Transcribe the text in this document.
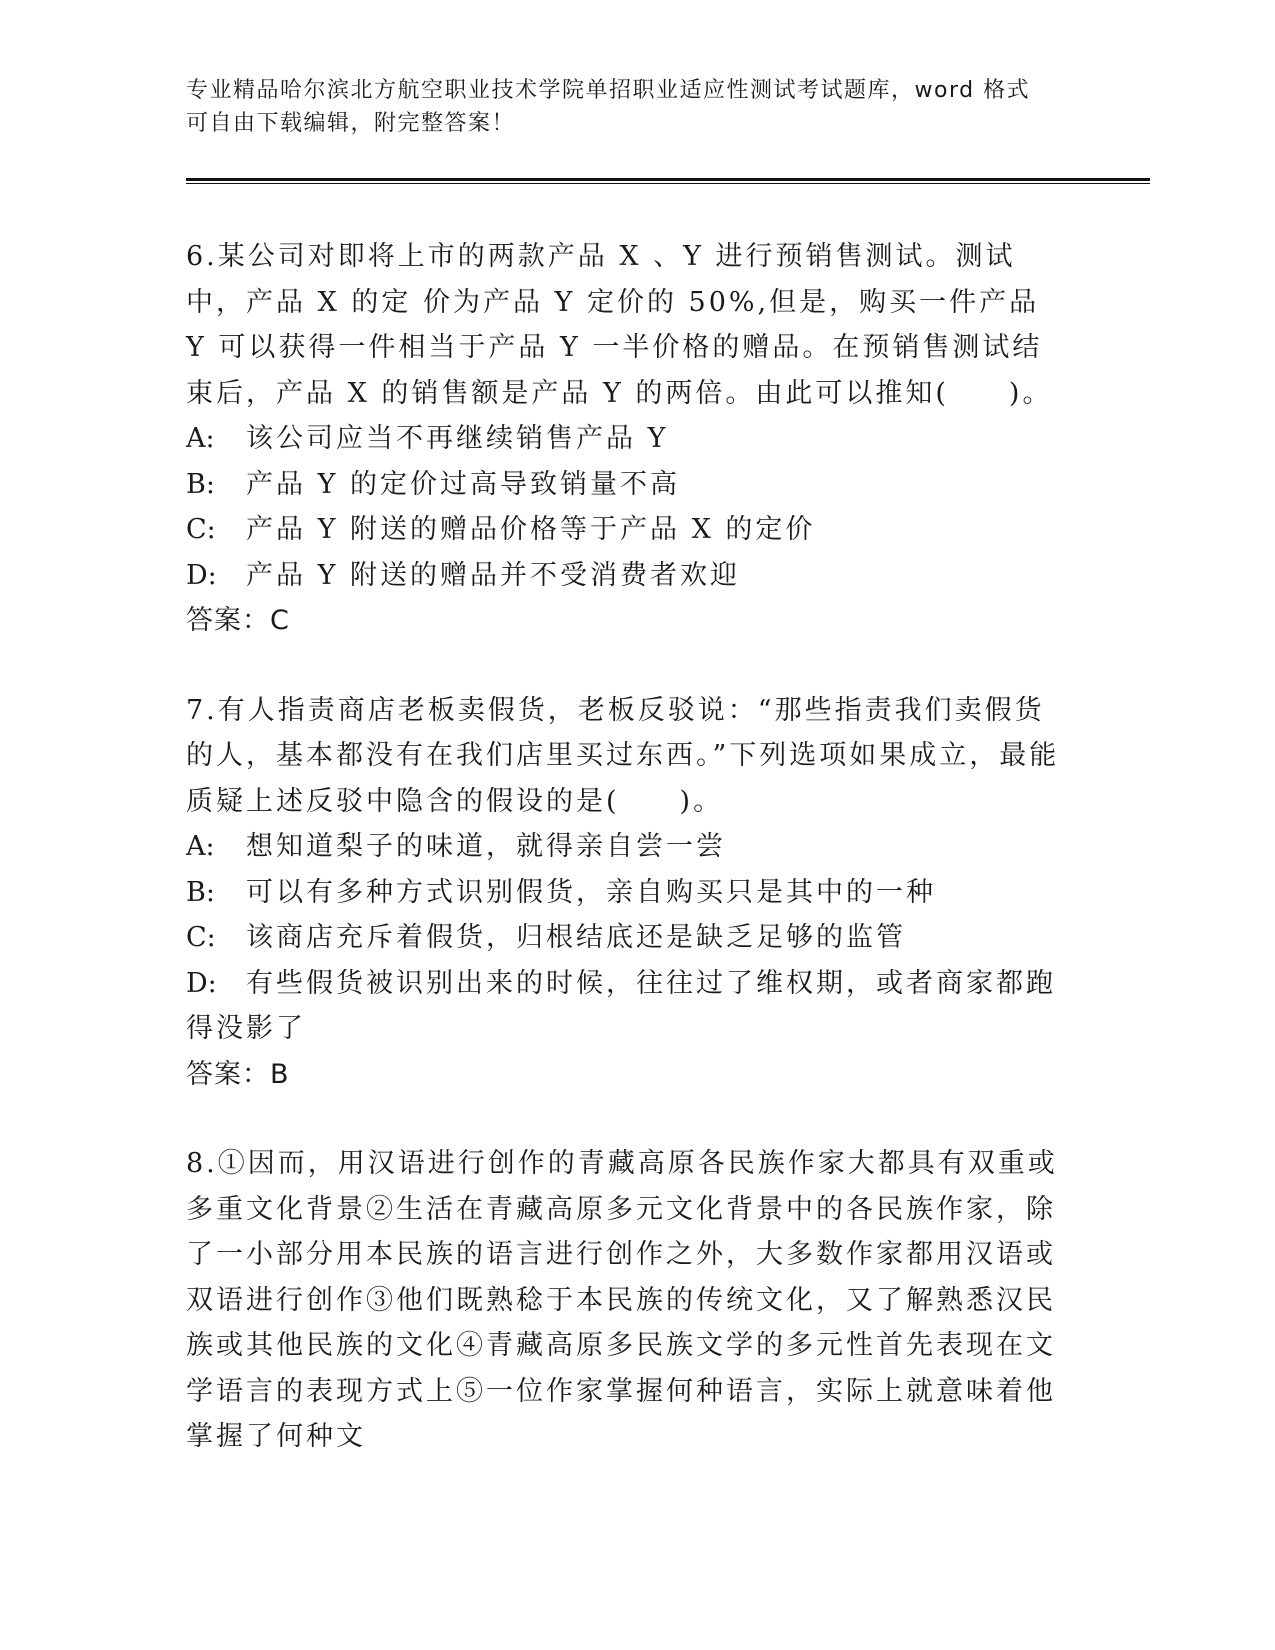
专业精品哈尔滨北方航空职业技术学院单招职业适应性测试考试题库，word 格式
可自由下载编辑，附完整答案！

6.某公司对即将上市的两款产品 X 、Y 进行预销售测试。测试中，产品 X 的定 价为产品 Y 定价的 50%,但是，购买一件产品 Y 可以获得一件相当于产品 Y 一半价格的赠品。在预销售测试结束后，产品 X 的销售额是产品 Y 的两倍。由此可以推知(　　)。

A: 该公司应当不再继续销售产品 Y

B: 产品 Y 的定价过高导致销量不高

C: 产品 Y 附送的赠品价格等于产品 X 的定价

D: 产品 Y 附送的赠品并不受消费者欢迎

答案：C

7.有人指责商店老板卖假货，老板反驳说：“那些指责我们卖假货的人，基本都没有在我们店里买过东西。”下列选项如果成立，最能质疑上述反驳中隐含的假设的是(　　)。

A: 想知道梨子的味道，就得亲自尝一尝

B: 可以有多种方式识别假货，亲自购买只是其中的一种

C: 该商店充斥着假货，归根结底还是缺乏足够的监管

D: 有些假货被识别出来的时候，往往过了维权期，或者商家都跑得没影了

答案：B

8.①因而，用汉语进行创作的青藏高原各民族作家大都具有双重或多重文化背景②生活在青藏高原多元文化背景中的各民族作家，除了一小部分用本民族的语言进行创作之外，大多数作家都用汉语或双语进行创作③他们既熟稔于本民族的传统文化，又了解熟悉汉民族或其他民族的文化④青藏高原多民族文学的多元性首先表现在文学语言的表现方式上⑤一位作家掌握何种语言，实际上就意味着他掌握了何种文
